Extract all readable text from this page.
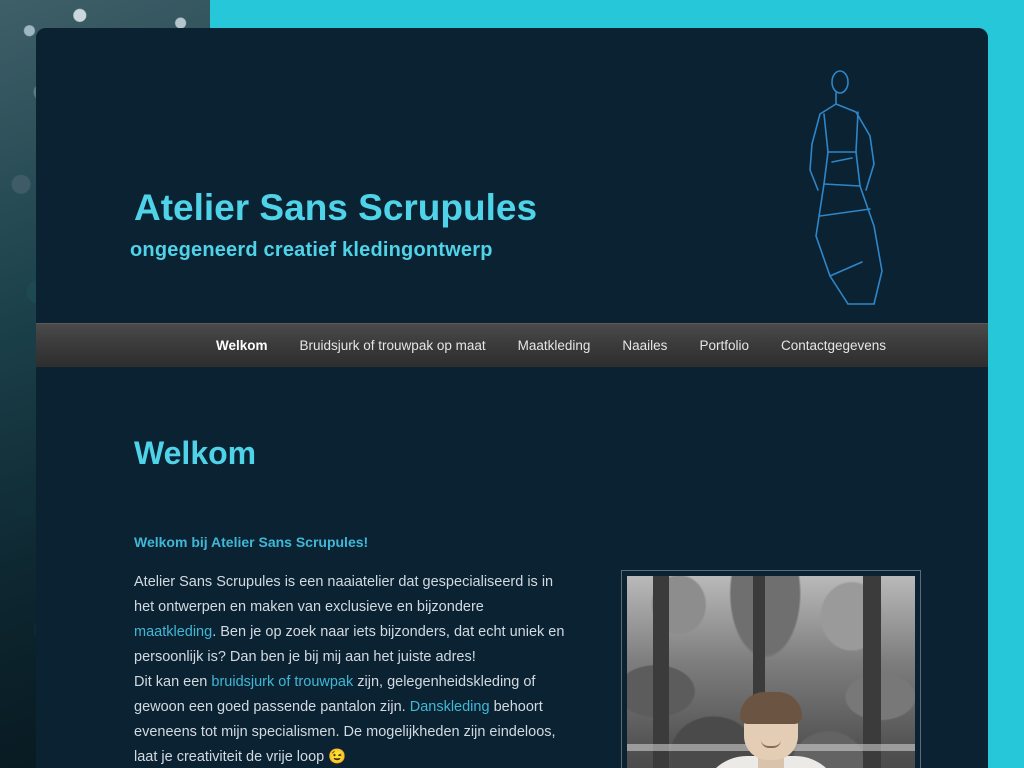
Atelier Sans Scrupules
ongegeneerd creatief kledingontwerp
Welkom	Bruidsjurk of trouwpak op maat	Maatkleding	Naailes	Portfolio	Contactgegevens
Welkom
Welkom bij Atelier Sans Scrupules!

Atelier Sans Scrupules is een naaiatelier dat gespecialiseerd is in het ontwerpen en maken van exclusieve en bijzondere maatkleding. Ben je op zoek naar iets bijzonders, dat echt uniek en persoonlijk is? Dan ben je bij mij aan het juiste adres!

Dit kan een bruidsjurk of trouwpak zijn, gelegenheidskleding of gewoon een goed passende pantalon zijn. Danskleding behoort eveneens tot mijn specialismen. De mogelijkheden zijn eindeloos, laat je creativiteit de vrije loop 😉
